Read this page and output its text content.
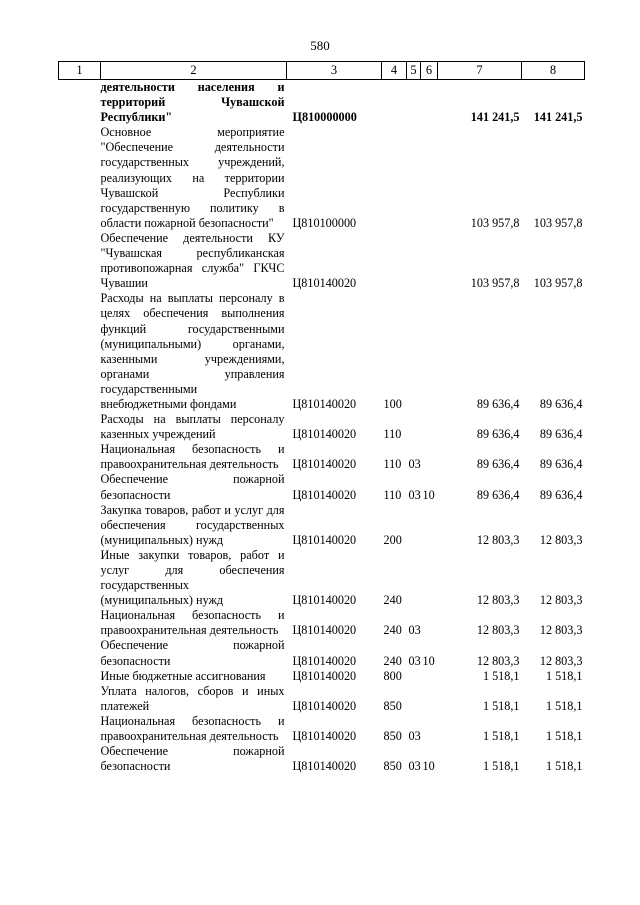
580
1	2	3	4	5	6	7	8
	деятельности населения и территорий Чувашской Республики"	Ц810000000				141 241,5	141 241,5
	Основное мероприятие "Обеспечение деятельности государственных учреждений, реализующих на территории Чувашской Республики государственную политику в области пожарной безопасности"	Ц810100000				103 957,8	103 957,8
	Обеспечение деятельности КУ "Чувашская республиканская противопожарная служба" ГКЧС Чувашии	Ц810140020				103 957,8	103 957,8
	Расходы на выплаты персоналу в целях обеспечения выполнения функций государственными (муниципальными) органами, казенными учреждениями, органами управления государственными внебюджетными фондами	Ц810140020	100			89 636,4	89 636,4
	Расходы на выплаты персоналу казенных учреждений	Ц810140020	110			89 636,4	89 636,4
	Национальная безопасность и правоохранительная деятельность	Ц810140020	110	03		89 636,4	89 636,4
	Обеспечение пожарной безопасности	Ц810140020	110	03	10	89 636,4	89 636,4
	Закупка товаров, работ и услуг для обеспечения государственных (муниципальных) нужд	Ц810140020	200			12 803,3	12 803,3
	Иные закупки товаров, работ и услуг для обеспечения государственных (муниципальных) нужд	Ц810140020	240			12 803,3	12 803,3
	Национальная безопасность и правоохранительная деятельность	Ц810140020	240	03		12 803,3	12 803,3
	Обеспечение пожарной безопасности	Ц810140020	240	03	10	12 803,3	12 803,3
	Иные бюджетные ассигнования	Ц810140020	800			1 518,1	1 518,1
	Уплата налогов, сборов и иных платежей	Ц810140020	850			1 518,1	1 518,1
	Национальная безопасность и правоохранительная деятельность	Ц810140020	850	03		1 518,1	1 518,1
	Обеспечение пожарной безопасности	Ц810140020	850	03	10	1 518,1	1 518,1
